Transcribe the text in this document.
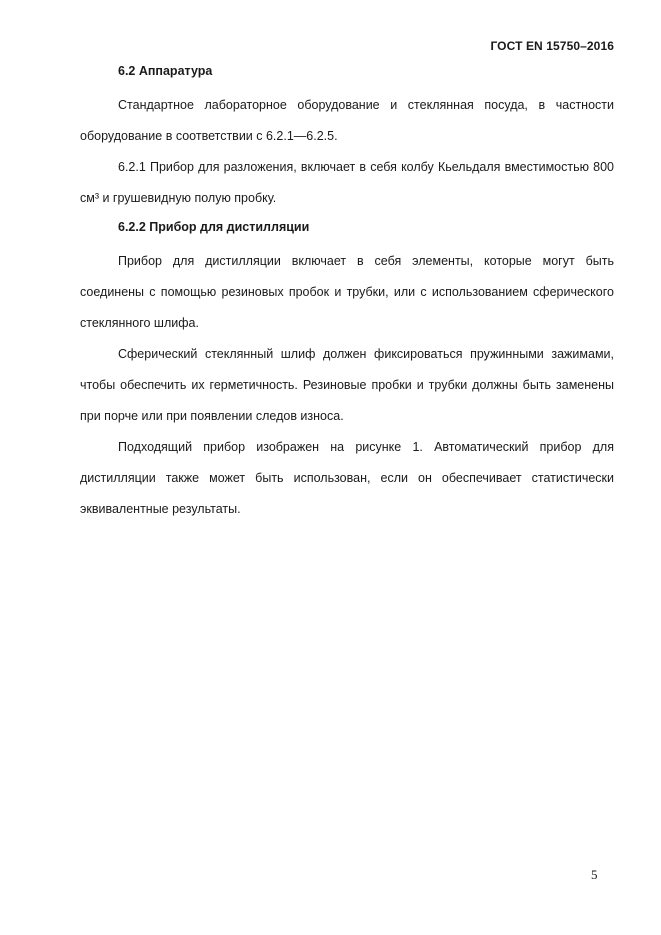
ГОСТ EN 15750–2016

6.2 Аппаратура

Стандартное лабораторное оборудование и стеклянная посуда, в частности оборудование в соответствии с 6.2.1—6.2.5.

6.2.1 Прибор для разложения, включает в себя колбу Кьельдаля вместимостью 800 см³ и грушевидную полую пробку.

6.2.2 Прибор для дистилляции

Прибор для дистилляции включает в себя элементы, которые могут быть соединены с помощью резиновых пробок и трубки, или с использованием сферического стеклянного шлифа.

Сферический стеклянный шлиф должен фиксироваться пружинными зажимами, чтобы обеспечить их герметичность. Резиновые пробки и трубки должны быть заменены при порче или при появлении следов износа.

Подходящий прибор изображен на рисунке 1. Автоматический прибор для дистилляции также может быть использован, если он обеспечивает статистически эквивалентные результаты.

5
